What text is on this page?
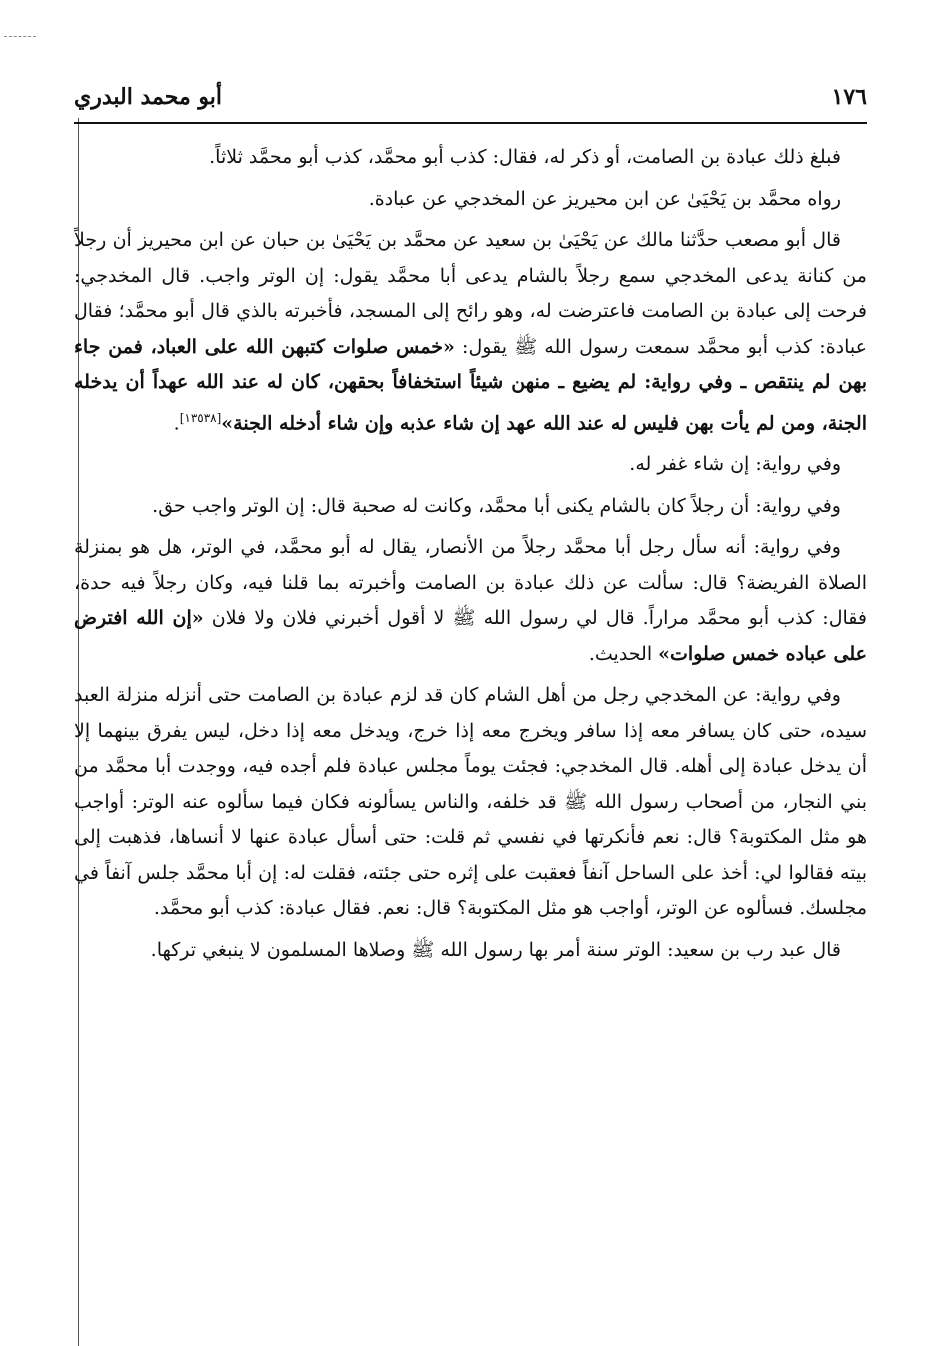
١٧٦
أبو محمد البدري

فبلغ ذلك عبادة بن الصامت، أو ذكر له، فقال: كذب أبو محمَّد، كذب أبو محمَّد ثلاثاً.

رواه محمَّد بن يَحْيَىٰ عن ابن محيريز عن المخدجي عن عبادة.

قال أبو مصعب حدَّثنا مالك عن يَحْيَىٰ بن سعيد عن محمَّد بن يَحْيَىٰ بن حبان عن ابن محيريز أن رجلاً من كنانة يدعى المخدجي سمع رجلاً بالشام يدعى أبا محمَّد يقول: إن الوتر واجب. قال المخدجي: فرحت إلى عبادة بن الصامت فاعترضت له، وهو رائح إلى المسجد، فأخبرته بالذي قال أبو محمَّد؛ فقال عبادة: كذب أبو محمَّد سمعت رسول الله ﷺ يقول: «خمس صلوات كتبهن الله على العباد، فمن جاء بهن لم ينتقص ـ وفي رواية: لم يضيع ـ منهن شيئاً استخفافاً بحقهن، كان له عند الله عهداً أن يدخله الجنة، ومن لم يأت بهن فليس له عند الله عهد إن شاء عذبه وإن شاء أدخله الجنة»[١٣٥٣٨].

وفي رواية: إن شاء غفر له.

وفي رواية: أن رجلاً كان بالشام يكنى أبا محمَّد، وكانت له صحبة قال: إن الوتر واجب حق.

وفي رواية: أنه سأل رجل أبا محمَّد رجلاً من الأنصار، يقال له أبو محمَّد، في الوتر، هل هو بمنزلة الصلاة الفريضة؟ قال: سألت عن ذلك عبادة بن الصامت وأخبرته بما قلنا فيه، وكان رجلاً فيه حدة، فقال: كذب أبو محمَّد مراراً. قال لي رسول الله ﷺ لا أقول أخبرني فلان ولا فلان «إن الله افترض على عباده خمس صلوات» الحديث.

وفي رواية: عن المخدجي رجل من أهل الشام كان قد لزم عبادة بن الصامت حتى أنزله منزلة العبد سيده، حتى كان يسافر معه إذا سافر ويخرج معه إذا خرج، ويدخل معه إذا دخل، ليس يفرق بينهما إلا أن يدخل عبادة إلى أهله. قال المخدجي: فجئت يوماً مجلس عبادة فلم أجده فيه، ووجدت أبا محمَّد من بني النجار، من أصحاب رسول الله ﷺ قد خلفه، والناس يسألونه فكان فيما سألوه عنه الوتر: أواجب هو مثل المكتوبة؟ قال: نعم فأنكرتها في نفسي ثم قلت: حتى أسأل عبادة عنها لا أنساها، فذهبت إلى بيته فقالوا لي: أخذ على الساحل آنفاً فعقبت على إثره حتى جئته، فقلت له: إن أبا محمَّد جلس آنفاً في مجلسك. فسألوه عن الوتر، أواجب هو مثل المكتوبة؟ قال: نعم. فقال عبادة: كذب أبو محمَّد.

قال عبد رب بن سعيد: الوتر سنة أمر بها رسول الله ﷺ وصلاها المسلمون لا ينبغي تركها.
